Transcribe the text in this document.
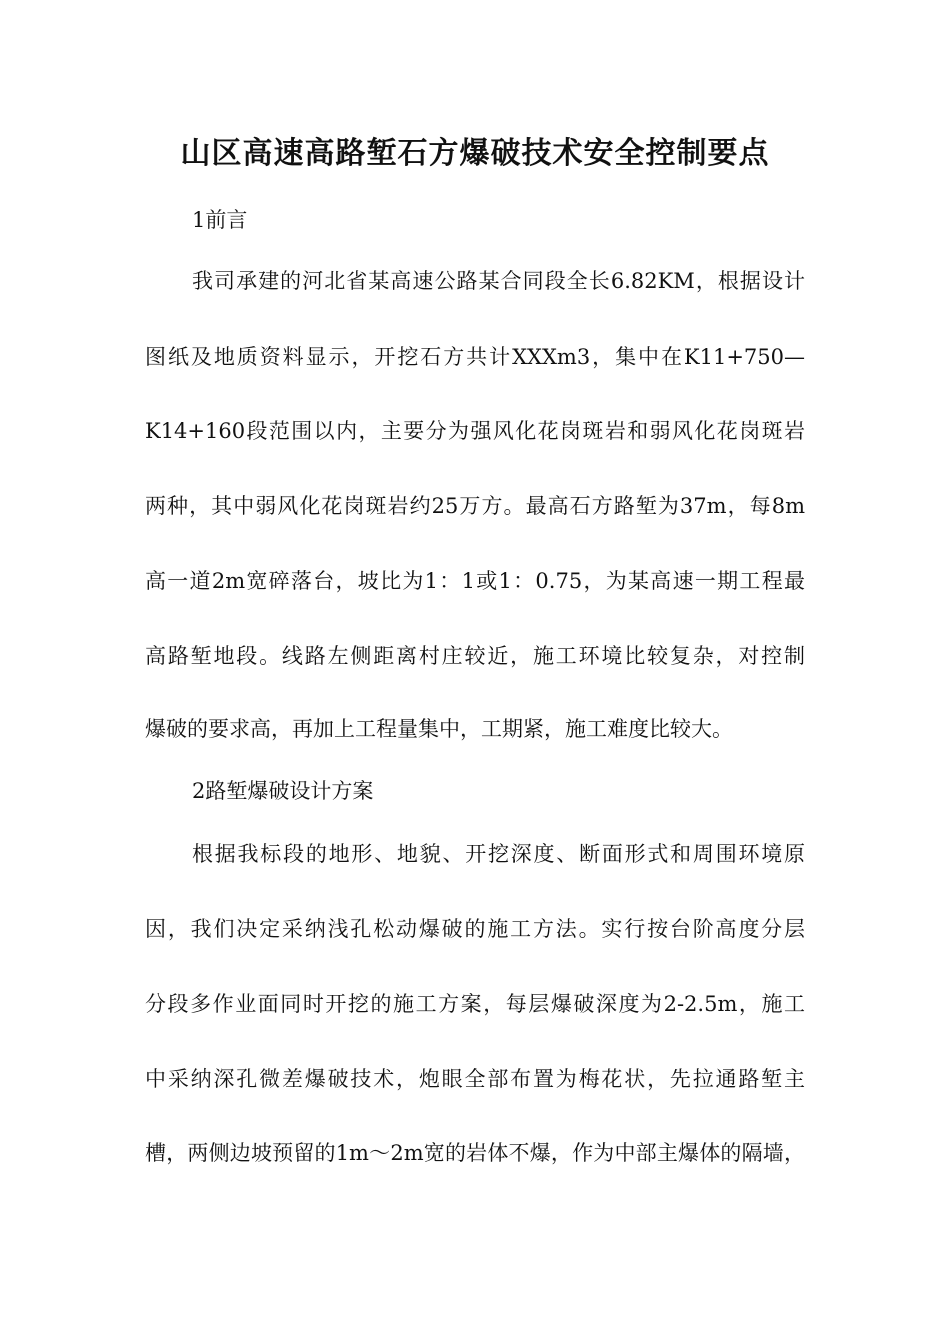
山区高速高路堑石方爆破技术安全控制要点
1前言
我司承建的河北省某高速公路某合同段全长6.82KM，根据设计
图纸及地质资料显示，开挖石方共计XXXm3，集中在K11+750—
K14+160段范围以内，主要分为强风化花岗斑岩和弱风化花岗斑岩
两种，其中弱风化花岗斑岩约25万方。最高石方路堑为37m，每8m
高一道2m宽碎落台，坡比为1：1或1：0.75，为某高速一期工程最
高路堑地段。线路左侧距离村庄较近，施工环境比较复杂，对控制
爆破的要求高，再加上工程量集中，工期紧，施工难度比较大。
2路堑爆破设计方案
根据我标段的地形、地貌、开挖深度、断面形式和周围环境原
因，我们决定采纳浅孔松动爆破的施工方法。实行按台阶高度分层
分段多作业面同时开挖的施工方案，每层爆破深度为2-2.5m，施工
中采纳深孔微差爆破技术，炮眼全部布置为梅花状，先拉通路堑主
槽，两侧边坡预留的1m～2m宽的岩体不爆，作为中部主爆体的隔墙，
